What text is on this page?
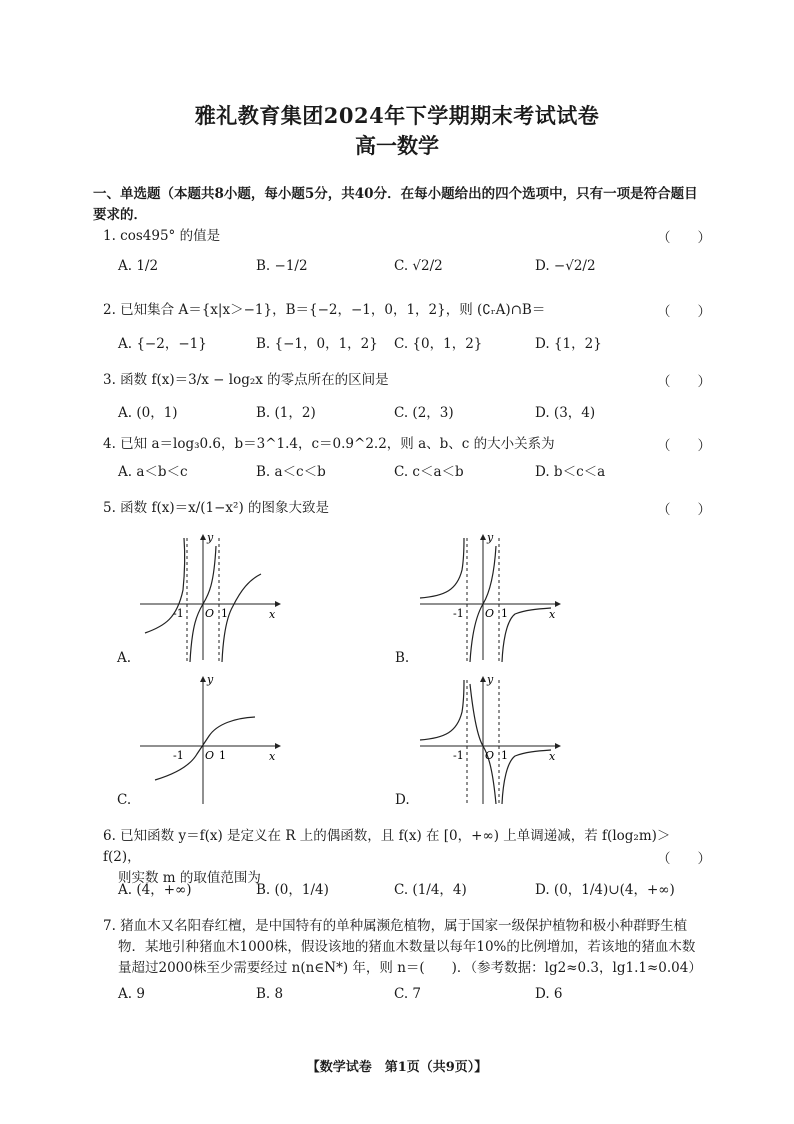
雅礼教育集团2024年下学期期末考试试卷
高一数学
一、单选题（本题共8小题，每小题5分，共40分．在每小题给出的四个选项中，只有一项是符合题目
要求的．
1. cos495° 的值是	（　　）
A. 1/2	B. −1/2	C. √2/2	D. −√2/2
2. 已知集合 A＝{x|x＞−1}，B＝{−2，−1，0，1，2}，则 (∁ᵣA)∩B＝	（　　）
A. {−2，−1}	B. {−1，0，1，2} C. {0，1，2}	D. {1，2}
3. 函数 f(x)＝3/x − log₂x 的零点所在的区间是	（　　）
A. (0，1)	B. (1，2)	C. (2，3)	D. (3，4)
4. 已知 a＝log₃0.6，b＝3^1.4，c＝0.9^2.2，则 a、b、c 的大小关系为	（　　）
A. a＜b＜c	B. a＜c＜b	C. c＜a＜b	D. b＜c＜a
5. 函数 f(x)＝x/(1−x²) 的图象大致是	（　　）
y
x
O
-1	1
A.
y
x
O
-1	1
B.
y
x
O
-1	1
C.
y
x
O
-1	1
D.
6. 已知函数 y＝f(x) 是定义在 R 上的偶函数，且 f(x) 在 [0，+∞) 上单调递减，若 f(log₂m)＞f(2)，
则实数 m 的取值范围为
（　　）
A. (4，+∞)	B. (0，1/4)	C. (1/4，4)	D. (0，1/4)∪(4，+∞)
7. 猪血木又名阳春红檀，是中国特有的单种属濒危植物，属于国家一级保护植物和极小种群野生植
物．某地引种猪血木1000株，假设该地的猪血木数量以每年10%的比例增加，若该地的猪血木数
量超过2000株至少需要经过 n(n∈N*) 年，则 n＝(　　)．（参考数据：lg2≈0.3，lg1.1≈0.04）
A. 9	B. 8	C. 7	D. 6
【数学试卷　第1页（共9页）】
